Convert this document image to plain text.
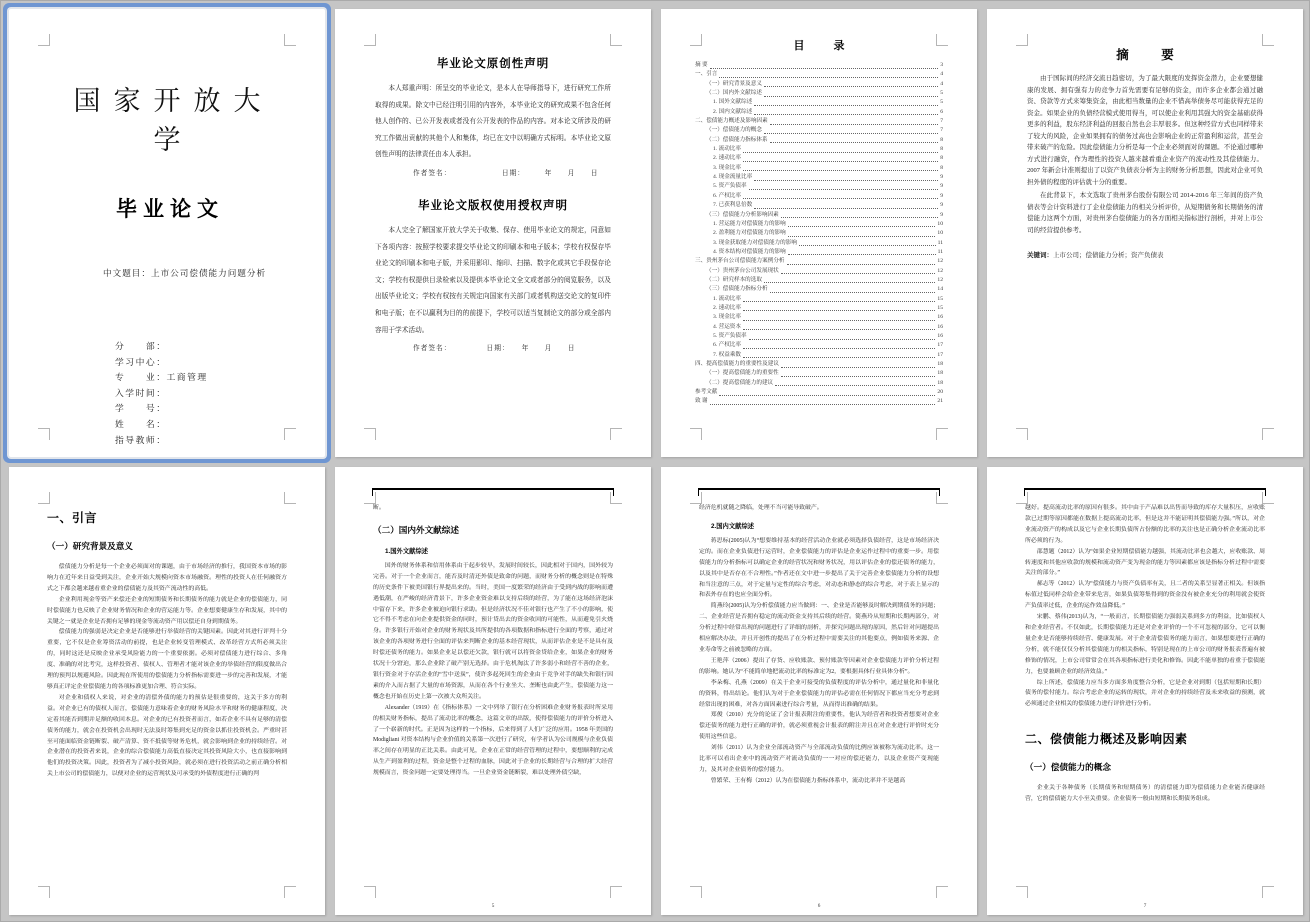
国家开放大学
毕业论文
中文题目：上市公司偿债能力问题分析
分　　部：
学习中心：
专　　业：工商管理
入学时间：
学　　号：
姓　　名：
指导教师：
毕业论文原创性声明
本人郑重声明：所呈交的毕业论文，是本人在导师指导下，进行研究工作所取得的成果。除文中已经注明引用的内容外，本毕业论文的研究成果不包含任何他人创作的、已公开发表或者没有公开发表的作品的内容。对本论文所涉及的研究工作做出贡献的其他个人和集体，均已在文中以明确方式标明。本毕业论文原创性声明的法律责任由本人承担。
作者签名：　　　　　　　日期：　　　年　　月　　日
毕业论文版权使用授权声明
本人完全了解国家开放大学关于收集、保存、使用毕业论文的规定，同意如下各项内容：按照学校要求提交毕业论文的印刷本和电子版本；学校有权保存毕业论文的印刷本和电子版，并采用影印、缩印、扫描、数字化或其它手段保存论文；学校有权提供目录检索以及提供本毕业论文全文或者部分的阅览服务，以及出版毕业论文；学校有权按有关规定向国家有关部门或者机构送交论文的复印件和电子版；在不以赢利为目的的前提下，学校可以适当复制论文的部分或全部内容用于学术活动。
作者签名：　　　　　日期：　　年　　月　　日
目　录
摘 要	3
一、引言	4
（一）研究背景及意义	4
（二）国内外文献综述	5
1. 国外文献综述	5
2. 国内文献综述	6
二、偿债能力概述及影响因素	7
（一）偿债能力的概念	7
（二）偿债能力指标体系	8
1. 流动比率	8
2. 速动比率	8
3. 现金比率	8
4. 现金流量比率	9
5. 资产负债率	9
6. 产权比率	9
7. 已获利息倍数	9
（三）偿债能力分析影响因素	9
1. 营运能力对偿债能力的影响	10
2. 盈利能力对偿债能力的影响	10
3. 现金获取能力对偿债能力的影响	11
4. 资本结构对偿债能力的影响	11
三、贵州茅台公司偿债能力案例分析	12
（一）贵州茅台公司发展现状	12
（二）研究样本的选取	12
（三）偿债能力指标分析	14
1. 流动比率	15
2. 速动比率	15
3. 现金比率	16
4. 营运资本	16
5. 资产负债率	16
6. 产权比率	17
7. 权益乘数	17
四、提高偿债能力的重要性及建议	18
（一）提高偿债能力的重要性	18
（二）提高偿债能力的建议	18
参考文献	20
致 谢	21
摘　要
由于国际间的经济交流日趋密切，为了最大限度的发挥资金潜力，企业要想健康的发展、拥有强有力的竞争力首先需要有足够的资金，而许多企业都会通过融资、贷款等方式来筹集资金，由此相当数量的企业不惜高举债务尽可能获得充足的资金。如果企业的负债经营模式使用得当，可以使企业利用其强大的资金基础获得更多的利益，股东经济利益的回报自然也会丰厚很多。但这种经营方式也同样带来了较大的风险，企业如果拥有的债务过高也会影响企业的正常盈利和运营，甚至会带来破产的危险。因此偿债能力分析是每一个企业必须面对的课题。不论通过哪种方式进行融资，作为理性的投资人越来越看重企业资产的流动性及其偿债能力。2007 年新会计准则提出了以资产负债表分析为主的财务分析思想，因此对企业可负担外债的程度的评估就十分的重要。
在此背景下，本文选取了贵州茅台股份有限公司 2014-2016 年三年间的资产负债表等会计资料进行了企业偿债能力的相关分析评价，从短期债务和长期债务的清偿能力这两个方面，对贵州茅台偿债能力的各方面相关指标进行剖析，并对上市公司的经营提供参考。
关键词：上市公司；偿债能力分析；资产负债表
一、引言
（一）研究背景及意义
偿债能力分析是每一个企业必须面对的课题，由于市场经济的推行，我国资本市场的影响力在近年来日益受到关注，企业开始大规模向资本市场融资。理性的投资人在任何融资方式之下都会越来越看重企业的偿债能力及其资产流动性的高低。
企业利用现金等资产来偿还企业的短期债务和长期债务的能力就是企业的偿债能力，同时偿债能力也反映了企业财务情况和企业的营运能力等。企业想要健康生存和发展，其中的关键之一就是企业是否拥有足够的现金等流动资产用以偿还自身到期债务。
偿债能力的强弱是决定企业是否能够进行举债经营的关键因素。因此对其进行评判十分重要，它不仅是企业筹资活动的前提，也是企业转变管理模式、改革经营方式所必须关注的，同时这还是反映企业承受风险能力的一个重要依据。必须对偿债能力进行综合、多角度、准确的对比考究，这样投资者、债权人、管理者才能对该企业的举债经营的限度做出合理的预判以规避风险。因此现在所使用的偿债能力分析指标需要进一步的完善和发展，才能够真正评定企业偿债能力的各项标准更加合理、符合实际。
对企业和债权人来说，对企业的清偿外债的能力的预估是很重要的，这关于多方的利益。对企业已有的债权人而言，偿债能力意味着企业的财务风险水平和财务的健康程度，决定着其能否到期并足额的收回本息。对企业的已有投资者而言，如若企业不具有足够的清偿债务的能力，就会在投资机会出现时无法及时筹集到充足的资金以抓住投资机会。严重时甚至可能面临资金链断裂、破产清算、资不抵债等财务危机，就会影响到企业的持续经营。对企业潜在的投资者来说，企业的综合偿债能力高低直接决定其投资风险大小，也直接影响到他们的投资决策。因此，投资者为了减小投资风险，就必须在进行投资活动之前正确分析相关上市公司的偿债能力，以便对企业的运营现状及可承受的外债程度进行正确的判
断。
（二）国内外文献综述
1.国外文献综述
国外的财务体系和信用体系由于起步较早，发展时间较长，因此相对于国内，国外较为完善。对于一个企业而言，能否及时清还外债是致命的问题，而财务分析的概念则是在特殊的历史条件下被美国银行界提出来的。当时，美国一度繁荣的经济由于受到内战的影响而遭遇低潮，在严峻的经济背景下，许多企业资金难以支持后续的经营，为了能在这场经济泡沫中留存下来，许多企业被迫向银行求助。但是经济状况不佳对银行也产生了不小的影响，使它不得不考虑在向企业提供资金的同时，预计贷出去的资金收回的可能性，从而避免引火烧身。许多银行开始对企业的财务现状及其所提供的各项数据和指标进行全面的考察，通过对该企业的各项财务进行全面的评估来判断企业的基本经营现状，从而评估企业是不是具有及时偿还债务的能力。如果企业足以偿还欠款，银行就可以将资金贷给企业，如果企业的财务状况十分窘迫，那么企业除了破产别无选择。由于危机淘汰了许多弱小和经营不善的企业，银行资金对于存活企业的“雪中送炭”，使许多起死回生的企业由于竞争对手的缺失和银行因素的介入而占据了大量的市场资源，从而在各个行业坐大、垄断也由此产生，偿债能力这一概念也开始在历史上第一次被大众所关注。
Alexander（1919）在《指标体系》一文中列举了银行在分析困难企业财务报表时所采用的相关财务指标，提出了流动比率的概念，这篇文章的出版，使得偿债能力的评价分析进入了一个崭新的时代。正是因为这样的一个指标，后来得到了人们广泛的应用。1958 年美国的 Modigliani 对资本结构与企业价值的关系第一次进行了研究，有学者认为公司规模与企业负债率之间存在明显的正比关系。由此可见，企业在正常的经营管理的过程中，要想顺利的完成从生产到盈利的过程，资金是整个过程的血脉，因此对于企业的长期经营与合理的扩大经营规模而言，资金问题一定要处理得当。一旦企业资金链断裂，难以处理外债空缺，
5
经济危机就随之降临，处理不当可能导致破产。
2.国内文献综述
蒋思标(2005)认为“想要维持基本的经营活动企业就必须选择负债经营，这是市场经济决定的。而在企业负债进行运营时，企业偿债能力的评估是企业运作过程中的重要一步。用偿债能力的分析指标可以确定企业的经营状况和财务状况，用以评估企业的偿还债务的能力，以及其中是否存在不合理性。”作者还在文中进一步提出了关于完善企业偿债能力分析的设想和当注意的三点，对于定量与定性的综合考虑，对动态和静态的综合考虑，对于表上显示的和表外存在的也应全面分析。
简燕玲(2005)认为分析偿债能力应当做到：一、企业是否能够及时解决到期债务的问题；二、企业经营是否拥有稳定的流动资金支持其后续的经营。简燕玲从短期和长期两部分，对分析过程中经常出现的问题进行了详细的剖析，并探究问题出现的原因，然后针对问题提出相应解决办法，并且开创性的提出了在分析过程中需要关注的其他要点，例如债务来源、企业寿命等之前被忽略的方面。
王艳萍（2006）提出了存货、应收账款、预付账款等因素对企业偿债能力评价分析过程的影响。她认为“不能简单地把流动比率的标准定为2，要根据具体行业具体分析”。
李朵梅、孔燕（2009）在关于企业可接受的负债程度的评估分析中，通过量化和非量化的资料，得出结论。他们认为对于企业偿债能力的评估必需在任何情况下都应当充分考虑到经常出现的困难，对各方面因素进行综合考量，从而得出准确的结果。
郑俊（2010）充分的论证了会计报表附注的重要性，他认为经营者和投资者想要对企业偿还债务的能力进行正确的评价，就必须重视会计报表的附注并且在对企业进行评价时充分使用这些信息。
刘伟（2011）认为企业全部流动资产与全部流动负债的比例应该被称为流动比率。这一比率可以看出企业中的流动资产对流动负债的一一对应的偿还能力，以及企业资产变现能力，及其对企业债务的偿付能力。
曾繁荣、王有梅（2012）认为在偿债能力指标体系中，流动比率并不是越高
6
越好。提高流动比率的原因有很多。其中由于产品难以出售而导致的库存大量积压，应收账款已过期等原因都能在数据上提高流动比率，但是这并不能证明其偿债能力强。”所以，对企业流动资产的构成以及它与企业长期负债所占份额的比率的关注也是正确分析企业流动比率所必须的行为。
邵慧题（2012）认为“如果企业短期偿债能力越强，其流动比率也会越大，应收账款、周转速度和其他应收款的规模和流动资产变为现金的能力等因素都应该是指标分析过程中需要关注的部分。”
郝志等（2012）认为“偿债能力与资产负债率有关，且二者的关系呈显著正相关。但该指标值过低同样会给企业带来危害，如果负债筹集得到的资金没有被企业充分的利用就会使资产负债率过低，企业的运作效益降低。”
宋鹏、蔡伟(2013)认为，“一般而言，长期偿债能力强弱关系到多方的利益，比如债权人和企业经营者。不仅如此，长期偿债能力还是对企业评价的一个不可忽视的部分，它可以衡量企业是否能够持续经营、健康发展。对于企业清偿债务的能力而言，如果想要进行正确的分析，就不能仅仅分析其偿债能力的相关指标，特别是现在的上市公司的财务报表普遍有被修饰的情况，上市公司常常会在其各项指标进行美化和修饰。因此不能单独的看重于偿债能力，也要兼顾企业的经济效益。”
综上所述，偿债能力应当多方面多角度整合分析，它是企业对到期（包括短期和长期）债务的偿付能力。综合考虑企业的运转的现状，并对企业的持续经营及未来收益的预测，就必须通过企业相关的偿债能力进行评价进行分析。
二、偿债能力概述及影响因素
（一）偿债能力的概念
企业关于各种债务（长期债务和短期债务）的清偿能力即为偿债能力企业能否健康经营，它的偿债能力大小至关重要。企业债务一般由短期和长期债务组成。
7
